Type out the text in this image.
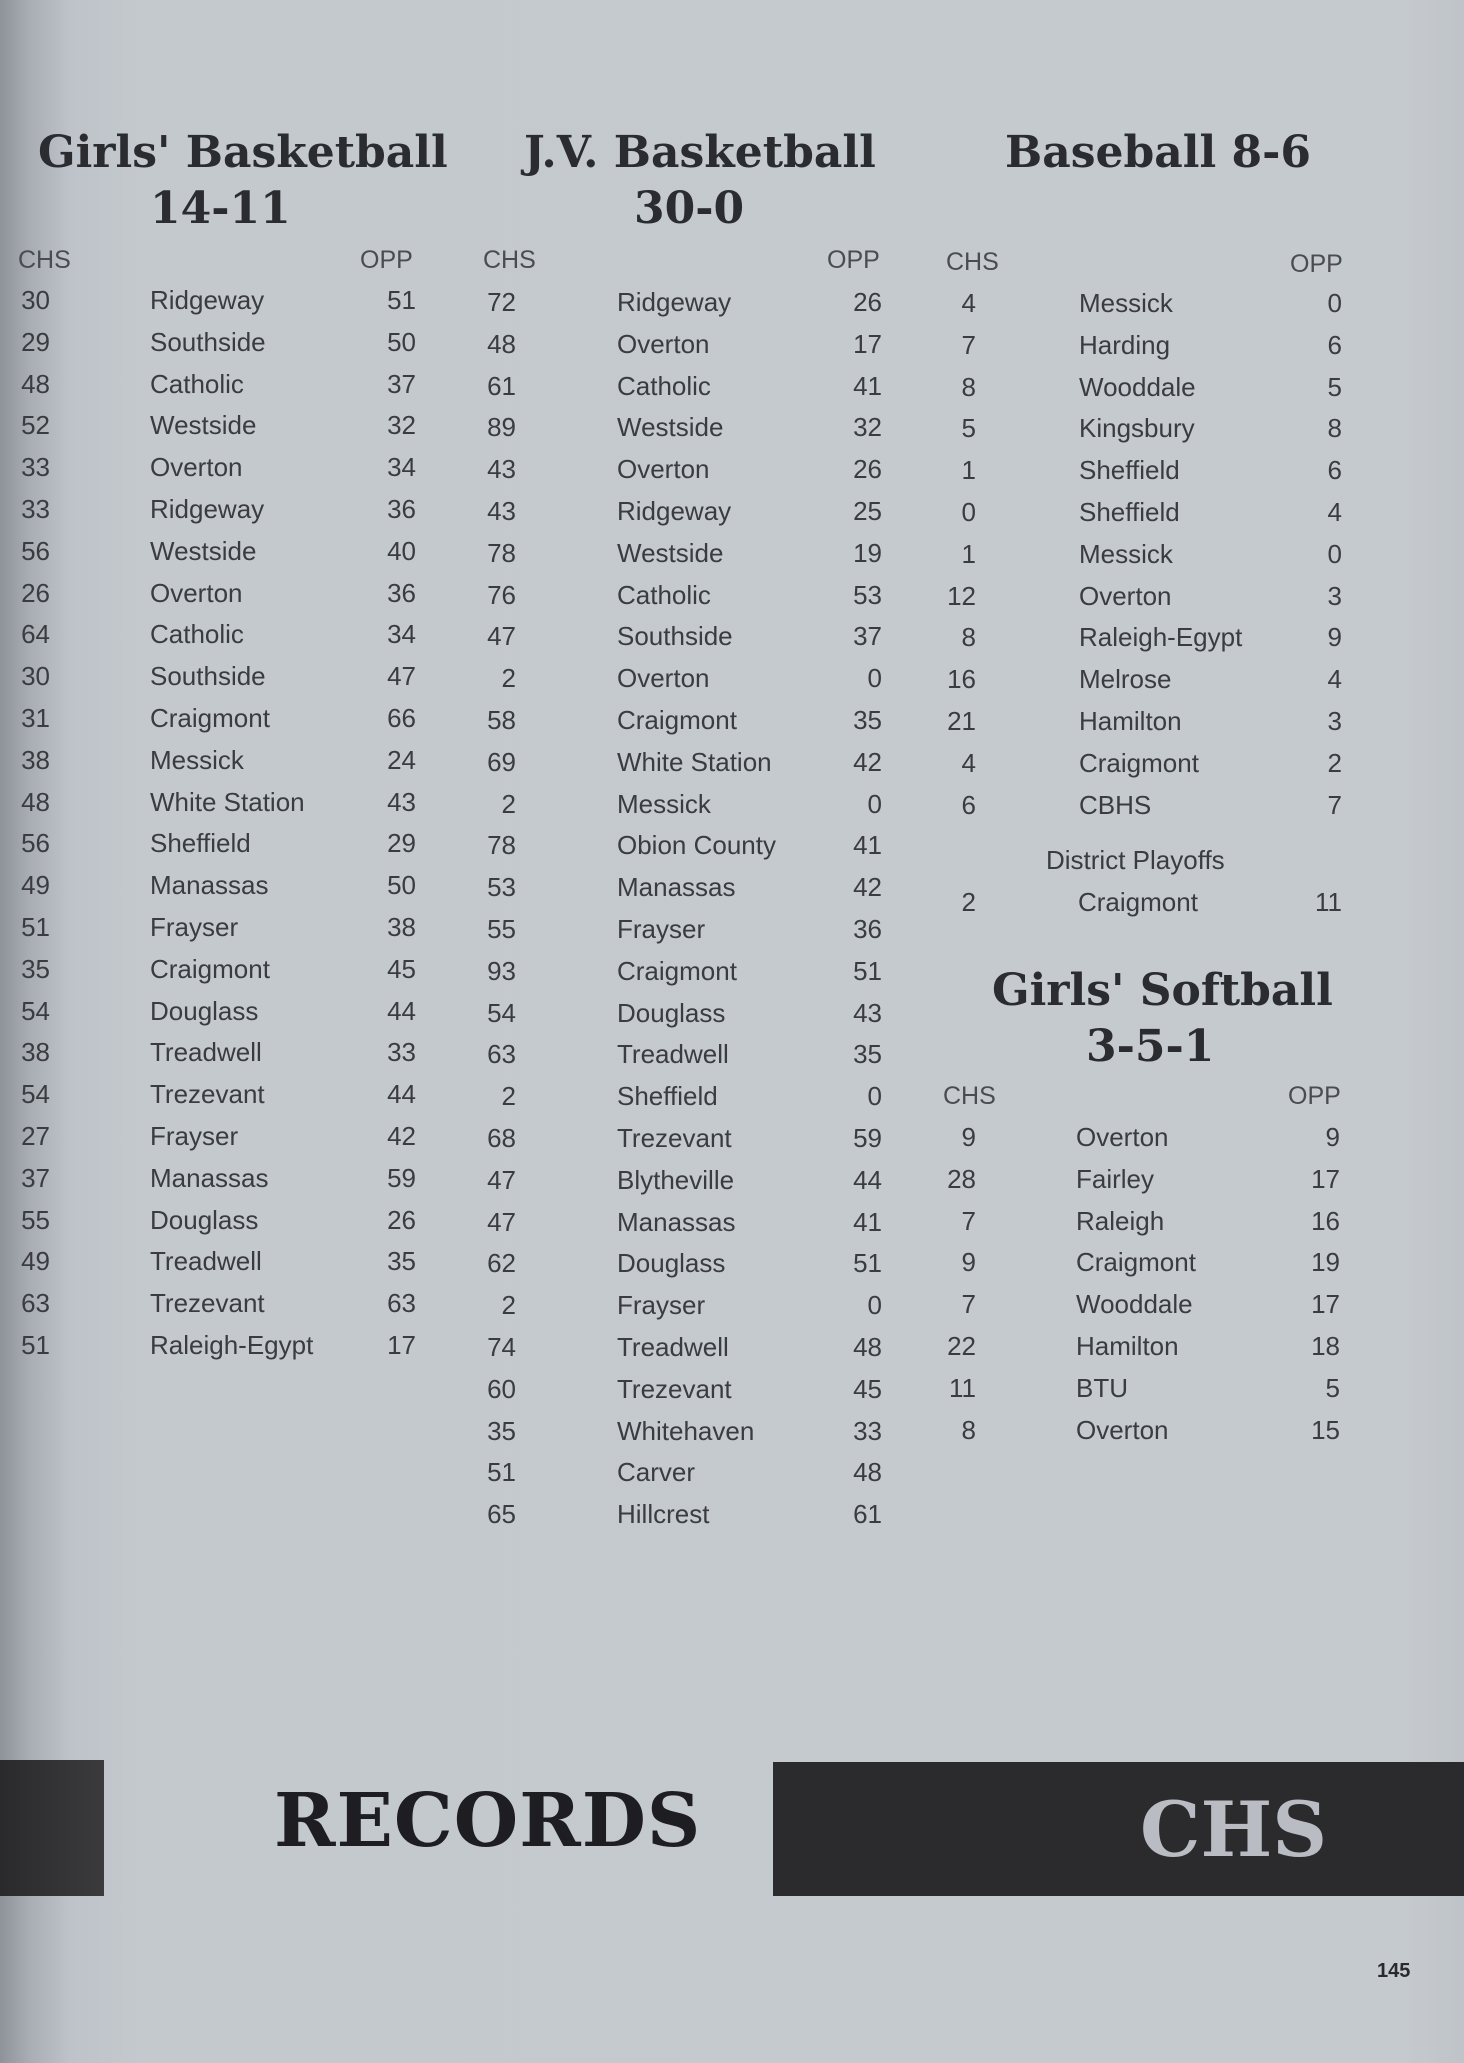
Girls' Basketball
14-11
CHS	OPP
30	Ridgeway	51
29	Southside	50
48	Catholic	37
52	Westside	32
33	Overton	34
33	Ridgeway	36
56	Westside	40
26	Overton	36
64	Catholic	34
30	Southside	47
31	Craigmont	66
38	Messick	24
48	White Station	43
56	Sheffield	29
49	Manassas	50
51	Frayser	38
35	Craigmont	45
54	Douglass	44
38	Treadwell	33
54	Trezevant	44
27	Frayser	42
37	Manassas	59
55	Douglass	26
49	Treadwell	35
63	Trezevant	63
51	Raleigh-Egypt	17
J.V. Basketball
30-0
CHS	OPP
72	Ridgeway	26
48	Overton	17
61	Catholic	41
89	Westside	32
43	Overton	26
43	Ridgeway	25
78	Westside	19
76	Catholic	53
47	Southside	37
2	Overton	0
58	Craigmont	35
69	White Station	42
2	Messick	0
78	Obion County	41
53	Manassas	42
55	Frayser	36
93	Craigmont	51
54	Douglass	43
63	Treadwell	35
2	Sheffield	0
68	Trezevant	59
47	Blytheville	44
47	Manassas	41
62	Douglass	51
2	Frayser	0
74	Treadwell	48
60	Trezevant	45
35	Whitehaven	33
51	Carver	48
65	Hillcrest	61
Baseball 8-6
CHS	OPP
4	Messick	0
7	Harding	6
8	Wooddale	5
5	Kingsbury	8
1	Sheffield	6
0	Sheffield	4
1	Messick	0
12	Overton	3
8	Raleigh-Egypt	9
16	Melrose	4
21	Hamilton	3
4	Craigmont	2
6	CBHS	7
District Playoffs
2	Craigmont	11
Girls' Softball
3-5-1
CHS	OPP
9	Overton	9
28	Fairley	17
7	Raleigh	16
9	Craigmont	19
7	Wooddale	17
22	Hamilton	18
11	BTU	5
8	Overton	15
RECORDS	CHS
145
